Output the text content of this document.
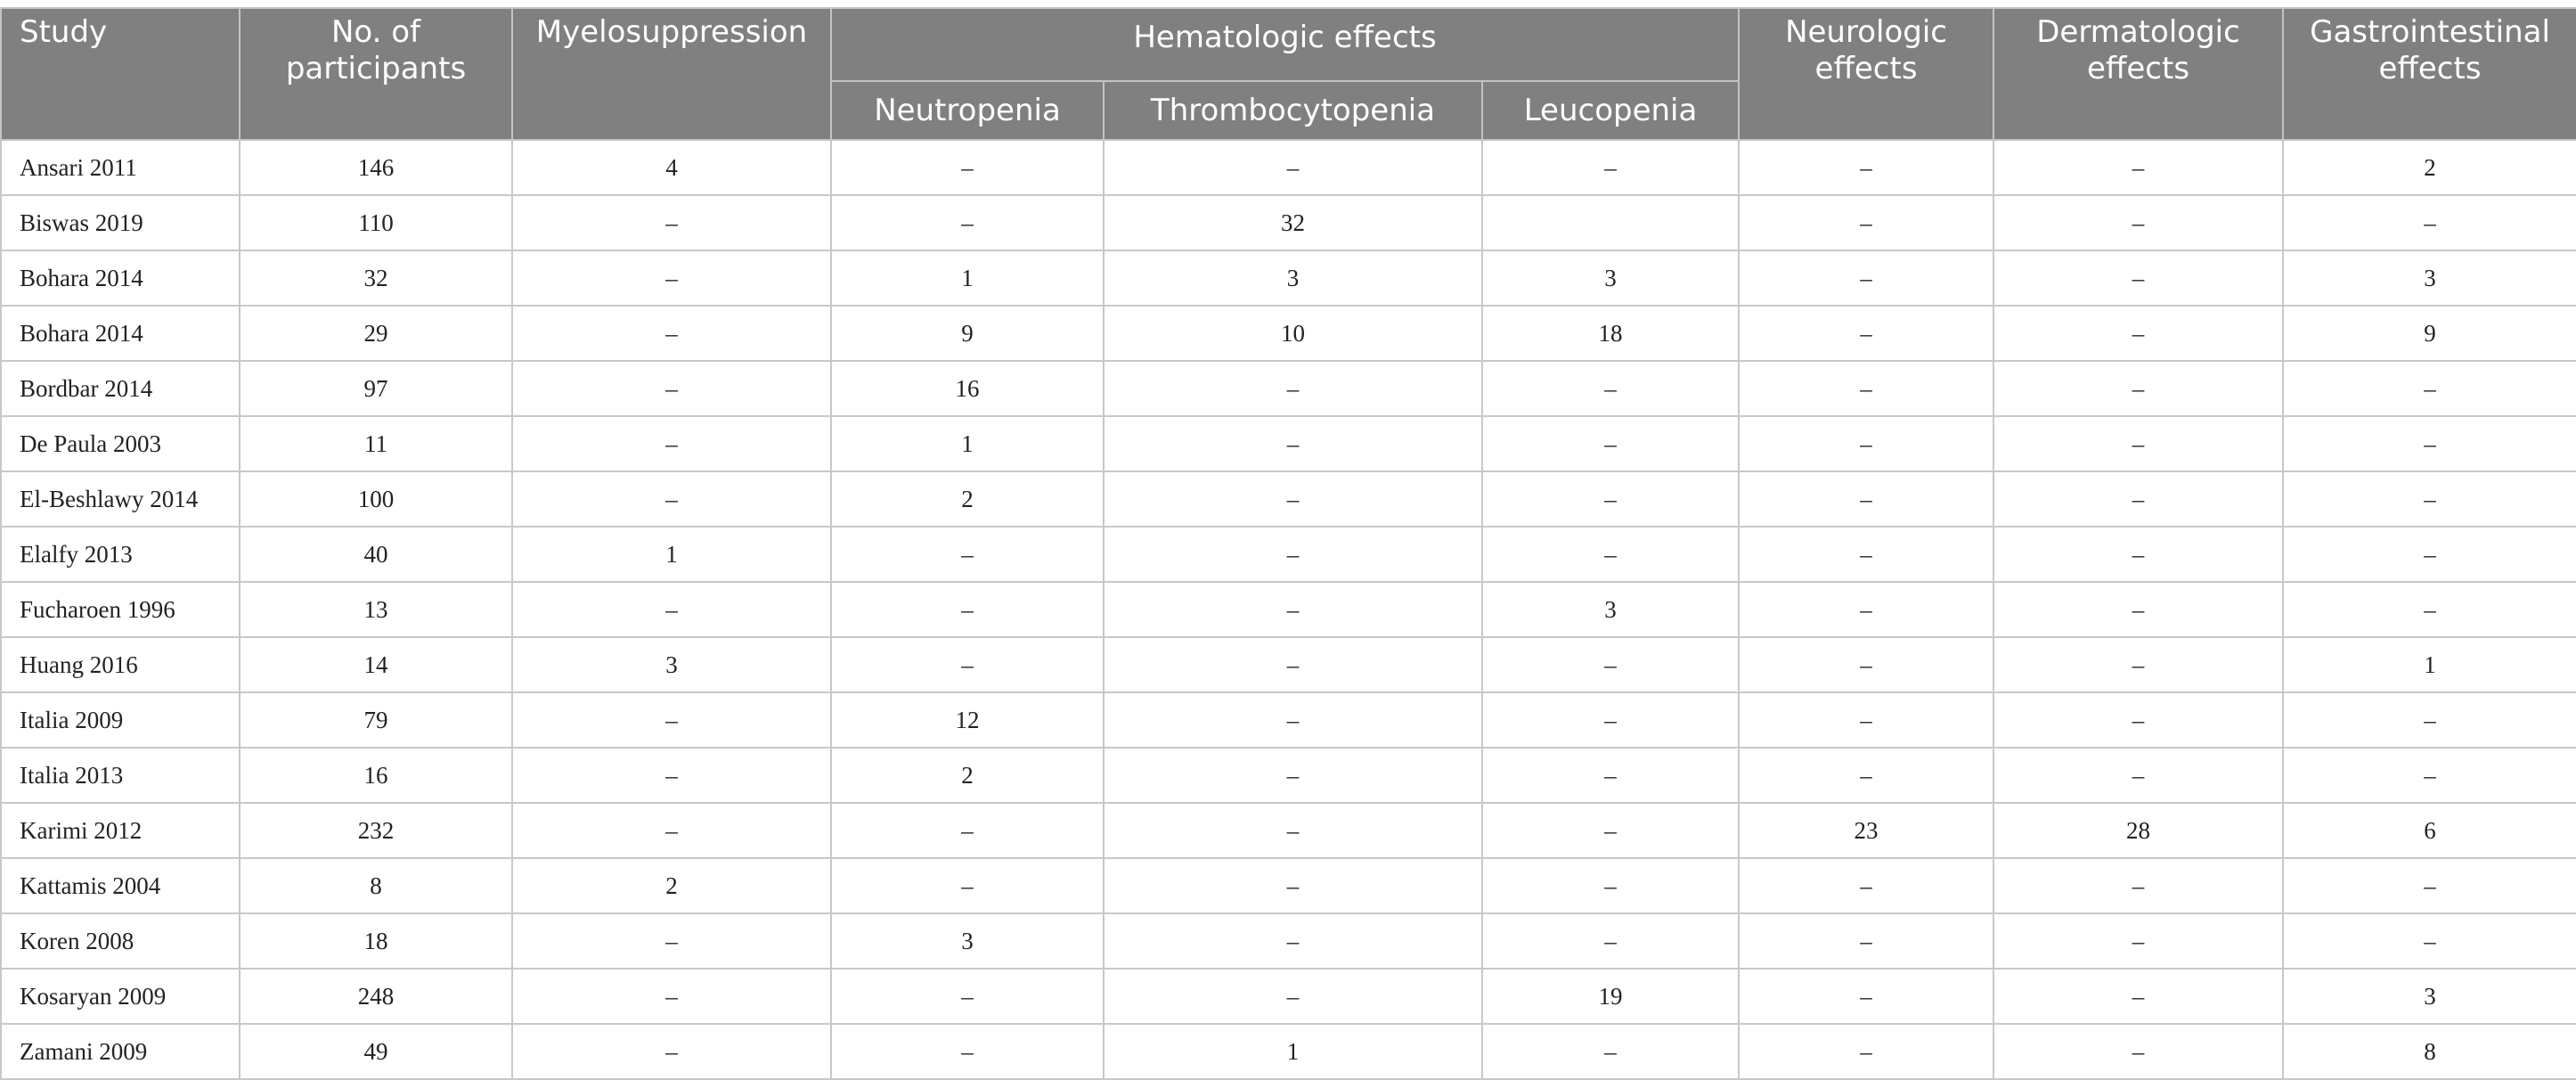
Study	No. of participants	Myelosuppression	Hematologic effects			Neurologic effects	Dermatologic effects	Gastrointestinal effects
			Neutropenia	Thrombocytopenia	Leucopenia			
Ansari 2011	146	4	–	–	–	–	–	2
Biswas 2019	110	–	–	32		–	–	–
Bohara 2014	32	–	1	3	3	–	–	3
Bohara 2014	29	–	9	10	18	–	–	9
Bordbar 2014	97	–	16	–	–	–	–	–
De Paula 2003	11	–	1	–	–	–	–	–
El-Beshlawy 2014	100	–	2	–	–	–	–	–
Elalfy 2013	40	1	–	–	–	–	–	–
Fucharoen 1996	13	–	–	–	3	–	–	–
Huang 2016	14	3	–	–	–	–	–	1
Italia 2009	79	–	12	–	–	–	–	–
Italia 2013	16	–	2	–	–	–	–	–
Karimi 2012	232	–	–	–	–	23	28	6
Kattamis 2004	8	2	–	–	–	–	–	–
Koren 2008	18	–	3	–	–	–	–	–
Kosaryan 2009	248	–	–	–	19	–	–	3
Zamani 2009	49	–	–	1	–	–	–	8
